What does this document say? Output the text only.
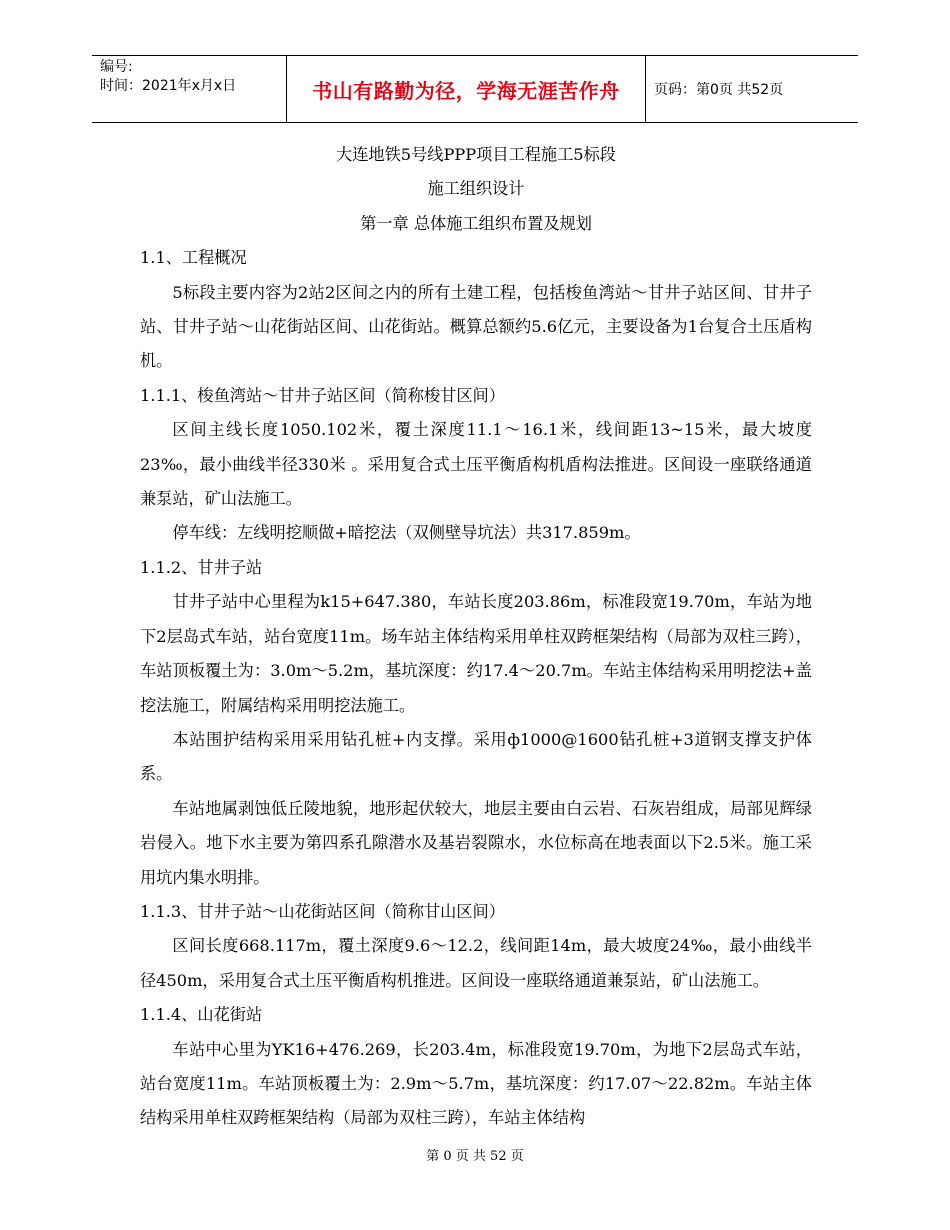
编号:
时间：2021年x月x日	书山有路勤为径，学海无涯苦作舟 页码：第0页 共52页

大连地铁5号线PPP项目工程施工5标段

施工组织设计

第一章 总体施工组织布置及规划

1.1、工程概况

5标段主要内容为2站2区间之内的所有土建工程，包括梭鱼湾站～甘井子站区间、甘井子站、甘井子站～山花街站区间、山花街站。概算总额约5.6亿元，主要设备为1台复合土压盾构机。

1.1.1、梭鱼湾站～甘井子站区间（简称梭甘区间）

区间主线长度1050.102米，覆土深度11.1～16.1米，线间距13~15米，最大坡度23‰，最小曲线半径330米 。采用复合式土压平衡盾构机盾构法推进。区间设一座联络通道兼泵站，矿山法施工。

停车线：左线明挖顺做+暗挖法（双侧壁导坑法）共317.859m。

1.1.2、甘井子站

甘井子站中心里程为k15+647.380，车站长度203.86m，标准段宽19.70m，车站为地下2层岛式车站，站台宽度11m。场车站主体结构采用单柱双跨框架结构（局部为双柱三跨），车站顶板覆土为：3.0m～5.2m，基坑深度：约17.4～20.7m。车站主体结构采用明挖法+盖挖法施工，附属结构采用明挖法施工。

本站围护结构采用采用钻孔桩+内支撑。采用ф1000@1600钻孔桩+3道钢支撑支护体系。

车站地属剥蚀低丘陵地貌，地形起伏较大，地层主要由白云岩、石灰岩组成，局部见辉绿岩侵入。地下水主要为第四系孔隙潜水及基岩裂隙水，水位标高在地表面以下2.5米。施工采用坑内集水明排。

1.1.3、甘井子站～山花街站区间（简称甘山区间）

区间长度668.117m，覆土深度9.6～12.2，线间距14m，最大坡度24‰，最小曲线半径450m，采用复合式土压平衡盾构机推进。区间设一座联络通道兼泵站，矿山法施工。

1.1.4、山花街站

车站中心里为YK16+476.269，长203.4m，标准段宽19.70m，为地下2层岛式车站，站台宽度11m。车站顶板覆土为：2.9m～5.7m，基坑深度：约17.07～22.82m。车站主体结构采用单柱双跨框架结构（局部为双柱三跨），车站主体结构

第 0 页 共 52 页
